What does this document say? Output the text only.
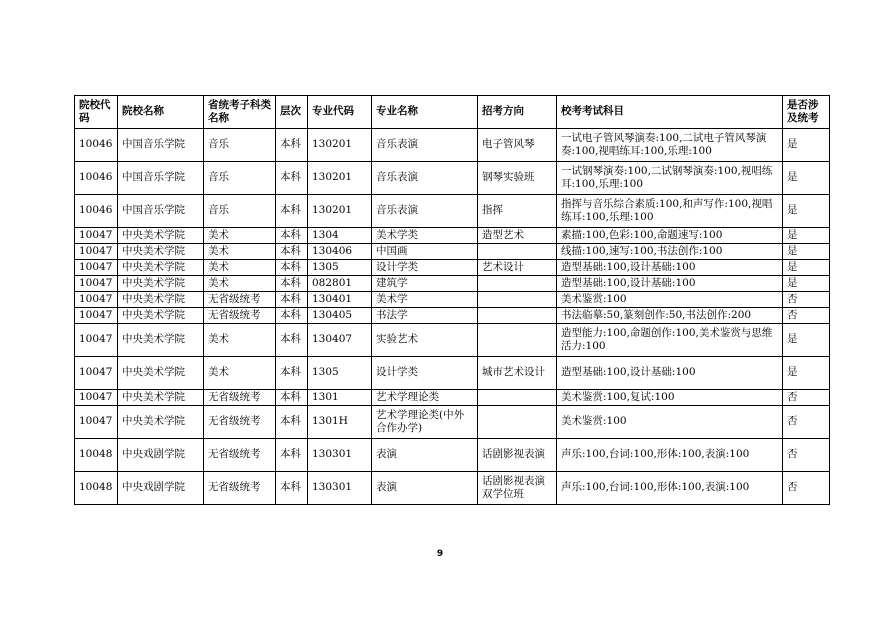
院校代码	院校名称	省统考子科类名称	层次	专业代码	专业名称	招考方向	校考考试科目	是否涉及统考
10046	中国音乐学院	音乐	本科	130201	音乐表演	电子管风琴	一试电子管风琴演奏:100,二试电子管风琴演奏:100,视唱练耳:100,乐理:100	是
10046	中国音乐学院	音乐	本科	130201	音乐表演	钢琴实验班	一试钢琴演奏:100,二试钢琴演奏:100,视唱练耳:100,乐理:100	是
10046	中国音乐学院	音乐	本科	130201	音乐表演	指挥	指挥与音乐综合素质:100,和声写作:100,视唱练耳:100,乐理:100	是
10047	中央美术学院	美术	本科	1304	美术学类	造型艺术	素描:100,色彩:100,命题速写:100	是
10047	中央美术学院	美术	本科	130406	中国画		线描:100,速写:100,书法创作:100	是
10047	中央美术学院	美术	本科	1305	设计学类	艺术设计	造型基础:100,设计基础:100	是
10047	中央美术学院	美术	本科	082801	建筑学		造型基础:100,设计基础:100	是
10047	中央美术学院	无省级统考	本科	130401	美术学		美术鉴赏:100	否
10047	中央美术学院	无省级统考	本科	130405	书法学		书法临摹:50,篆刻创作:50,书法创作:200	否
10047	中央美术学院	美术	本科	130407	实验艺术		造型能力:100,命题创作:100,美术鉴赏与思维活力:100	是
10047	中央美术学院	美术	本科	1305	设计学类	城市艺术设计	造型基础:100,设计基础:100	是
10047	中央美术学院	无省级统考	本科	1301	艺术学理论类		美术鉴赏:100,复试:100	否
10047	中央美术学院	无省级统考	本科	1301H	艺术学理论类(中外合作办学)		美术鉴赏:100	否
10048	中央戏剧学院	无省级统考	本科	130301	表演	话剧影视表演	声乐:100,台词:100,形体:100,表演:100	否
10048	中央戏剧学院	无省级统考	本科	130301	表演	话剧影视表演双学位班	声乐:100,台词:100,形体:100,表演:100	否
9
